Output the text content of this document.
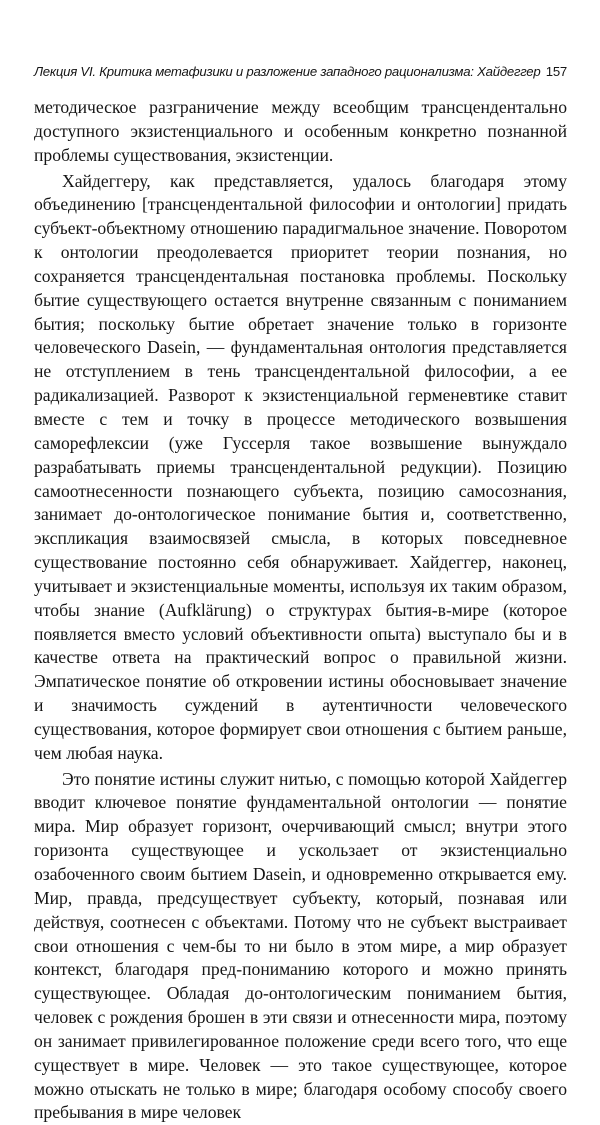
Лекция VI. Критика метафизики и разложение западного рационализма: Хайдеггер 157

методическое разграничение между всеобщим трансцендентально доступного экзистенциального и особенным конкретно познанной проблемы существования, экзистенции.

Хайдеггеру, как представляется, удалось благодаря этому объединению [трансцендентальной философии и онтологии] придать субъект-объектному отношению парадигмальное значение. Поворотом к онтологии преодолевается приоритет теории познания, но сохраняется трансцендентальная постановка проблемы. Поскольку бытие существующего остается внутренне связанным с пониманием бытия; поскольку бытие обретает значение только в горизонте человеческого Dasein, — фундаментальная онтология представляется не отступлением в тень трансцендентальной философии, а ее радикализацией. Разворот к экзистенциальной герменевтике ставит вместе с тем и точку в процессе методического возвышения саморефлексии (уже Гуссерля такое возвышение вынуждало разрабатывать приемы трансцендентальной редукции). Позицию самоотнесенности познающего субъекта, позицию самосознания, занимает до-онтологическое понимание бытия и, соответственно, экспликация взаимосвязей смысла, в которых повседневное существование постоянно себя обнаруживает. Хайдеггер, наконец, учитывает и экзистенциальные моменты, используя их таким образом, чтобы знание (Aufklärung) о структурах бытия-в-мире (которое появляется вместо условий объективности опыта) выступало бы и в качестве ответа на практический вопрос о правильной жизни. Эмпатическое понятие об откровении истины обосновывает значение и значимость суждений в аутентичности человеческого существования, которое формирует свои отношения с бытием раньше, чем любая наука.

Это понятие истины служит нитью, с помощью которой Хайдеггер вводит ключевое понятие фундаментальной онтологии — понятие мира. Мир образует горизонт, очерчивающий смысл; внутри этого горизонта существующее и ускользает от экзистенциально озабоченного своим бытием Dasein, и одновременно открывается ему. Мир, правда, предсуществует субъекту, который, познавая или действуя, соотнесен с объектами. Потому что не субъект выстраивает свои отношения с чем-бы то ни было в этом мире, а мир образует контекст, благодаря пред-пониманию которого и можно принять существующее. Обладая до-онтологическим пониманием бытия, человек с рождения брошен в эти связи и отнесенности мира, поэтому он занимает привилегированное положение среди всего того, что еще существует в мире. Человек — это такое существующее, которое можно отыскать не только в мире; благодаря особому способу своего пребывания в мире человек
